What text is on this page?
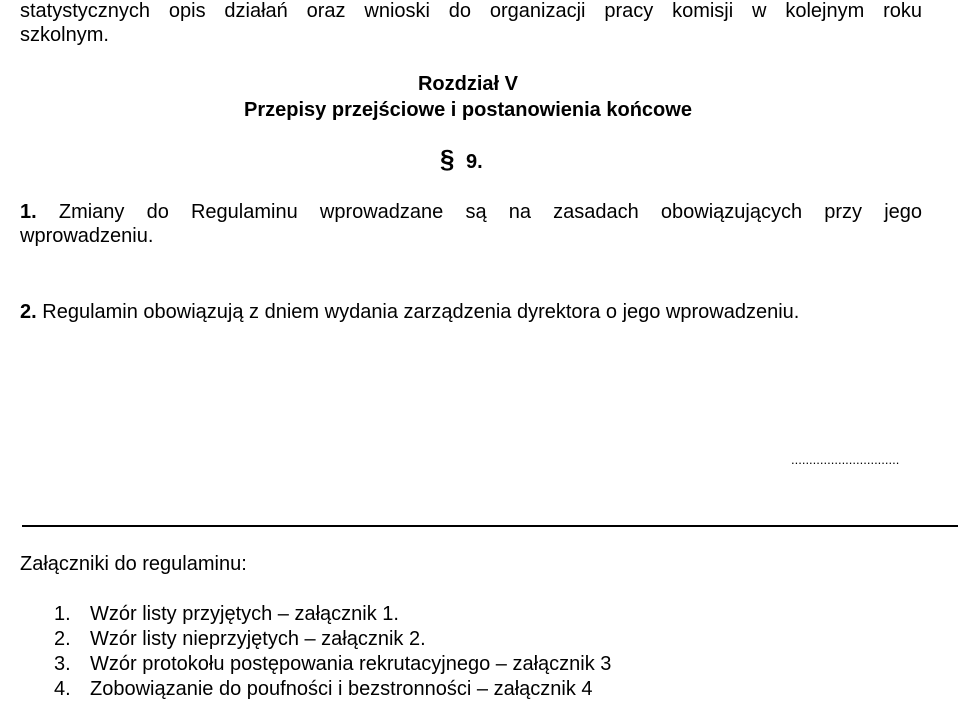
statystycznych opis działań oraz wnioski do organizacji pracy komisji w kolejnym roku
szkolnym.
Rozdział V
Przepisy przejściowe i postanowienia końcowe
§ 9.
1. Zmiany do Regulaminu wprowadzane są na zasadach obowiązujących przy jego
wprowadzeniu.
2. Regulamin obowiązują z dniem wydania zarządzenia dyrektora o jego wprowadzeniu.
..............................
Załączniki do regulaminu:
1. Wzór listy przyjętych – załącznik 1.
2. Wzór listy nieprzyjętych – załącznik 2.
3. Wzór protokołu postępowania rekrutacyjnego – załącznik 3
4. Zobowiązanie do poufności i bezstronności – załącznik 4
